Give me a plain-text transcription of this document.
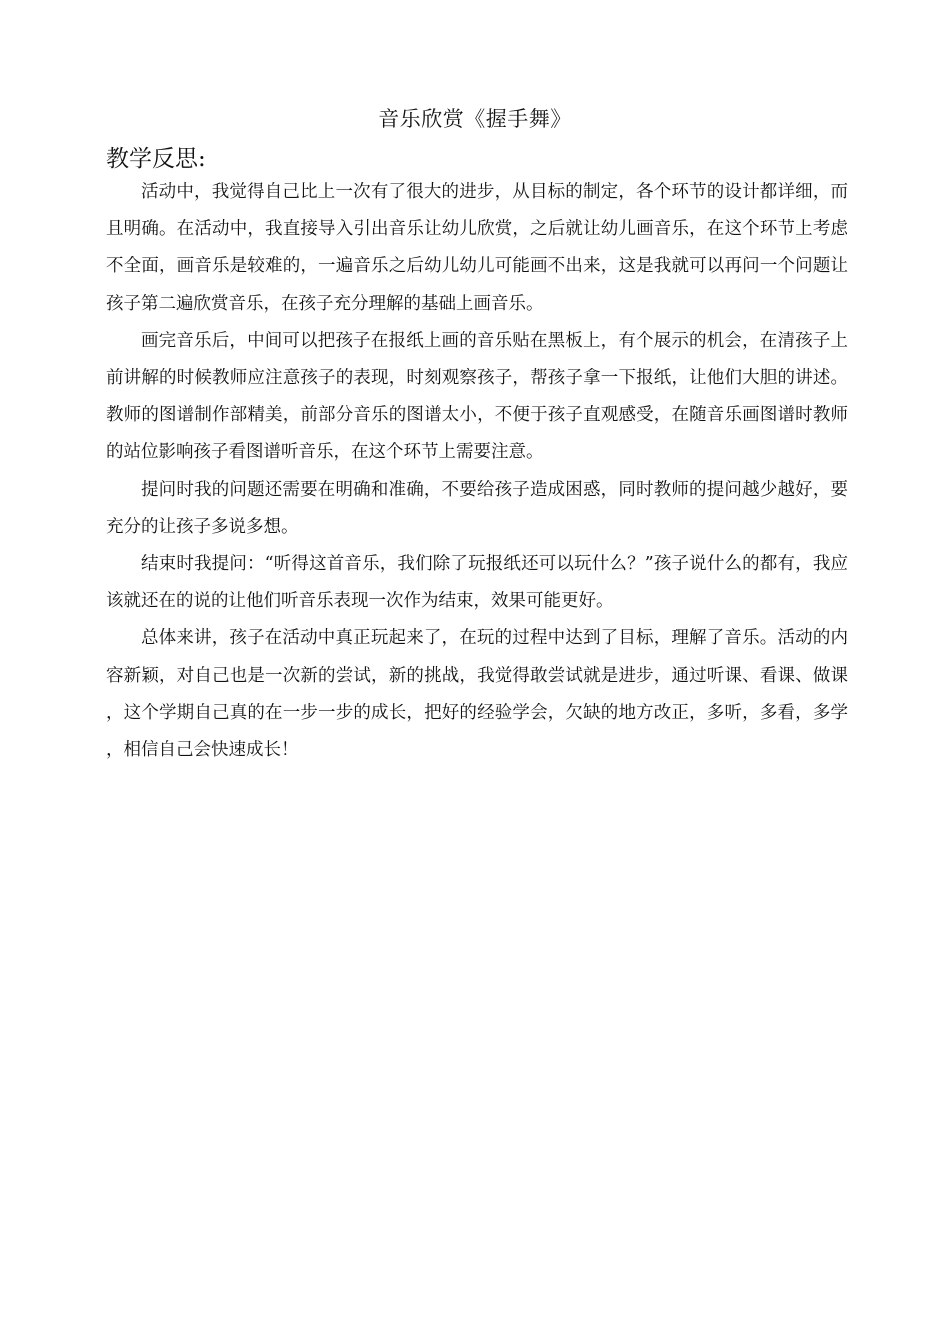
音乐欣赏《握手舞》
教学反思:

活动中，我觉得自己比上一次有了很大的进步，从目标的制定，各个环节的设计都详细，而且明确。在活动中，我直接导入引出音乐让幼儿欣赏，之后就让幼儿画音乐，在这个环节上考虑不全面，画音乐是较难的，一遍音乐之后幼儿幼儿可能画不出来，这是我就可以再问一个问题让孩子第二遍欣赏音乐，在孩子充分理解的基础上画音乐。

画完音乐后，中间可以把孩子在报纸上画的音乐贴在黑板上，有个展示的机会，在清孩子上前讲解的时候教师应注意孩子的表现，时刻观察孩子，帮孩子拿一下报纸，让他们大胆的讲述。教师的图谱制作部精美，前部分音乐的图谱太小，不便于孩子直观感受，在随音乐画图谱时教师的站位影响孩子看图谱听音乐，在这个环节上需要注意。

提问时我的问题还需要在明确和准确，不要给孩子造成困惑，同时教师的提问越少越好，要充分的让孩子多说多想。

结束时我提问：“听得这首音乐，我们除了玩报纸还可以玩什么？”孩子说什么的都有，我应该就还在的说的让他们听音乐表现一次作为结束，效果可能更好。

总体来讲，孩子在活动中真正玩起来了，在玩的过程中达到了目标，理解了音乐。活动的内容新颖，对自己也是一次新的尝试，新的挑战，我觉得敢尝试就是进步，通过听课、看课、做课，这个学期自己真的在一步一步的成长，把好的经验学会，欠缺的地方改正，多听，多看，多学，相信自己会快速成长！
